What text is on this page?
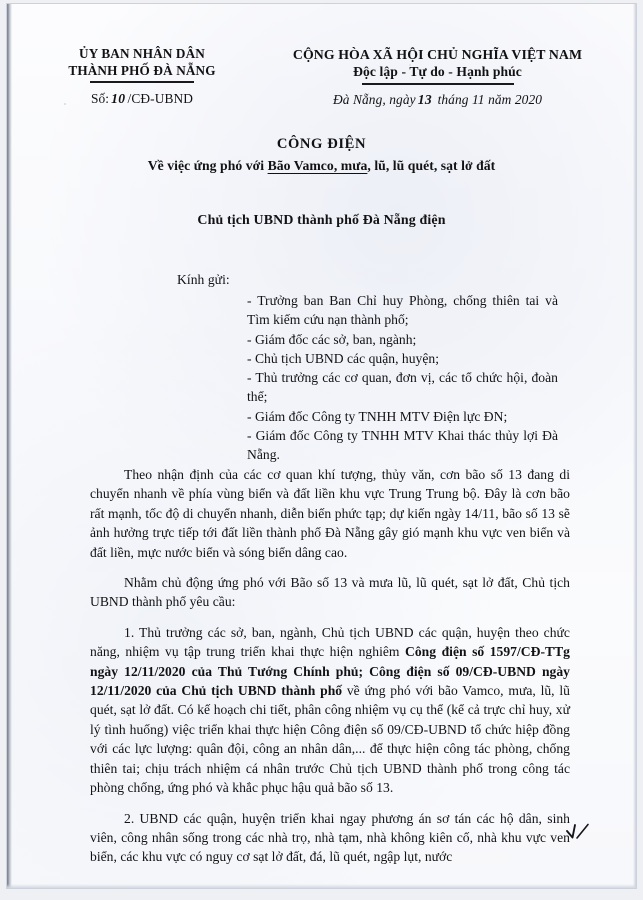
ỦY BAN NHÂN DÂN
THÀNH PHỐ ĐÀ NẴNG
Số: 10 /CĐ-UBND
CỘNG HÒA XÃ HỘI CHỦ NGHĨA VIỆT NAM
Độc lập - Tự do - Hạnh phúc
Đà Nẵng, ngày 13 tháng 11 năm 2020
CÔNG ĐIỆN
Về việc ứng phó với Bão Vamco, mưa, lũ, lũ quét, sạt lở đất
Chủ tịch UBND thành phố Đà Nẵng điện
Kính gửi:
- Trưởng ban Ban Chỉ huy Phòng, chống thiên tai và Tìm kiếm cứu nạn thành phố;
- Giám đốc các sở, ban, ngành;
- Chủ tịch UBND các quận, huyện;
- Thủ trưởng các cơ quan, đơn vị, các tổ chức hội, đoàn thể;
- Giám đốc Công ty TNHH MTV Điện lực ĐN;
- Giám đốc Công ty TNHH MTV Khai thác thủy lợi Đà Nẵng.

Theo nhận định của các cơ quan khí tượng, thủy văn, cơn bão số 13 đang di chuyển nhanh về phía vùng biển và đất liền khu vực Trung Trung bộ. Đây là cơn bão rất mạnh, tốc độ di chuyển nhanh, diễn biến phức tạp; dự kiến ngày 14/11, bão số 13 sẽ ảnh hưởng trực tiếp tới đất liền thành phố Đà Nẵng gây gió mạnh khu vực ven biển và đất liền, mực nước biển và sóng biển dâng cao.

Nhằm chủ động ứng phó với Bão số 13 và mưa lũ, lũ quét, sạt lở đất, Chủ tịch UBND thành phố yêu cầu:

1. Thủ trưởng các sở, ban, ngành, Chủ tịch UBND các quận, huyện theo chức năng, nhiệm vụ tập trung triển khai thực hiện nghiêm Công điện số 1597/CĐ-TTg ngày 12/11/2020 của Thủ Tướng Chính phủ; Công điện số 09/CĐ-UBND ngày 12/11/2020 của Chủ tịch UBND thành phố về ứng phó với bão Vamco, mưa, lũ, lũ quét, sạt lở đất. Có kế hoạch chi tiết, phân công nhiệm vụ cụ thể (kể cả trực chỉ huy, xử lý tình huống) việc triển khai thực hiện Công điện số 09/CĐ-UBND tổ chức hiệp đồng với các lực lượng: quân đội, công an nhân dân,... để thực hiện công tác phòng, chống thiên tai; chịu trách nhiệm cá nhân trước Chủ tịch UBND thành phố trong công tác phòng chống, ứng phó và khắc phục hậu quả bão số 13.

2. UBND các quận, huyện triển khai ngay phương án sơ tán các hộ dân, sinh viên, công nhân sống trong các nhà trọ, nhà tạm, nhà không kiên cố, nhà khu vực ven biển, các khu vực có nguy cơ sạt lở đất, đá, lũ quét, ngập lụt, nước
